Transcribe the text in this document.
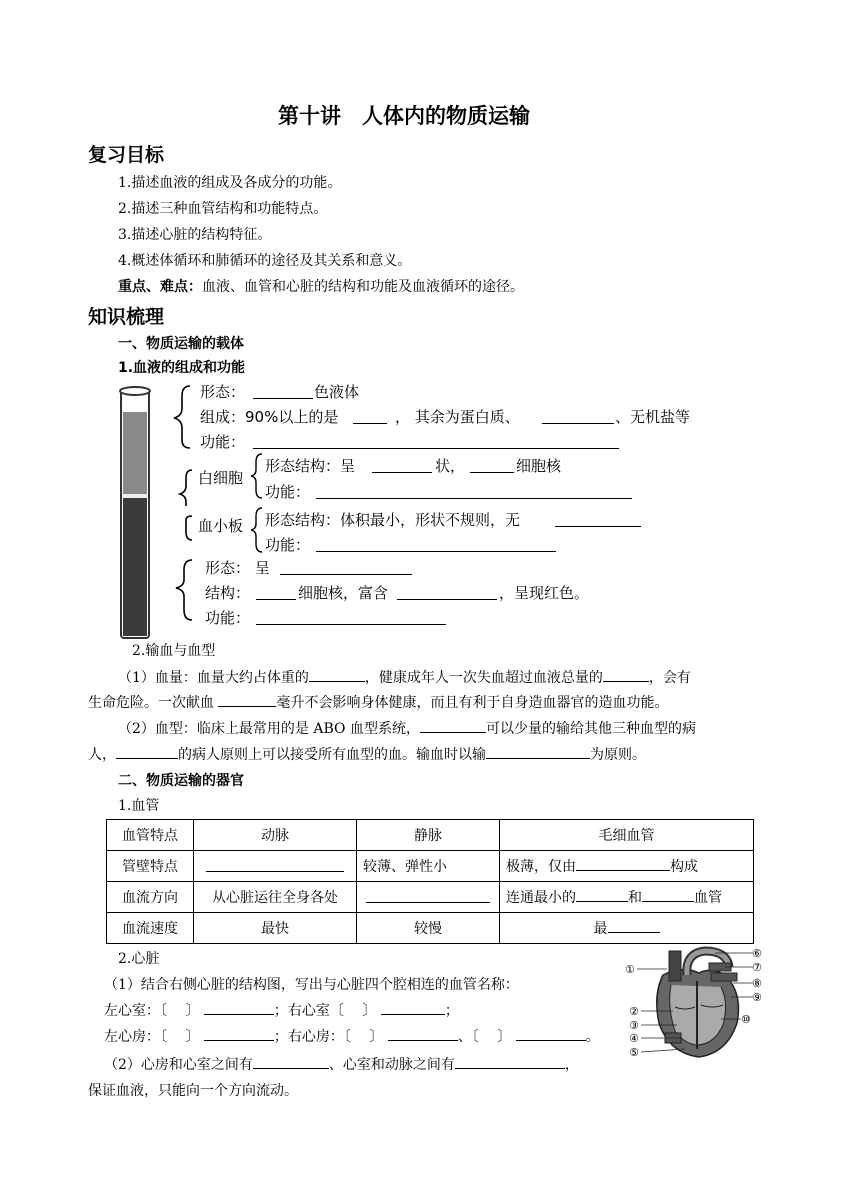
第十讲　人体内的物质运输
复习目标
1.描述血液的组成及各成分的功能。
2.描述三种血管结构和功能特点。
3.描述心脏的结构特征。
4.概述体循环和肺循环的途径及其关系和意义。
重点、难点：血液、血管和心脏的结构和功能及血液循环的途径。
知识梳理
一、物质运输的载体
1.血液的组成和功能
形态：	色液体
组成：90%以上的是	， 其余为蛋白质、	、无机盐等
功能：
白细胞
形态结构：呈	状，	细胞核
功能：
血小板 形态结构：体积最小，形状不规则，无
功能：
形态： 呈
结构：	细胞核，富含	，呈现红色。
功能：
2.输血与血型
（1）血量：血量大约占体重的	，健康成年人一次失血超过血液总量的	，会有
生命危险。一次献血	毫升不会影响身体健康，而且有利于自身造血器官的造血功能。
（2）血型：临床上最常用的是 ABO 血型系统，	可以少量的输给其他三种血型的病
人，	的病人原则上可以接受所有血型的血。输血时以输	为原则。
二、物质运输的器官
1.血管
血管特点	动脉	静脉	毛细血管
管壁特点		较薄、弹性小	极薄，仅由 构成
血流方向	从心脏运往全身各处		连通最小的 和 血管
血流速度	最快	较慢	最
2.心脏
（1）结合右侧心脏的结构图，写出与心脏四个腔相连的血管名称：
左心室：〔　 〕	；右心室〔　 〕	；
左心房：〔　 〕	；右心房：〔　 〕	、〔　 〕	。
（2）心房和心室之间有	、心室和动脉之间有	，
保证血液，只能向一个方向流动。
①
②
③
④
⑤
⑥
⑦
⑧
⑨
⑩
